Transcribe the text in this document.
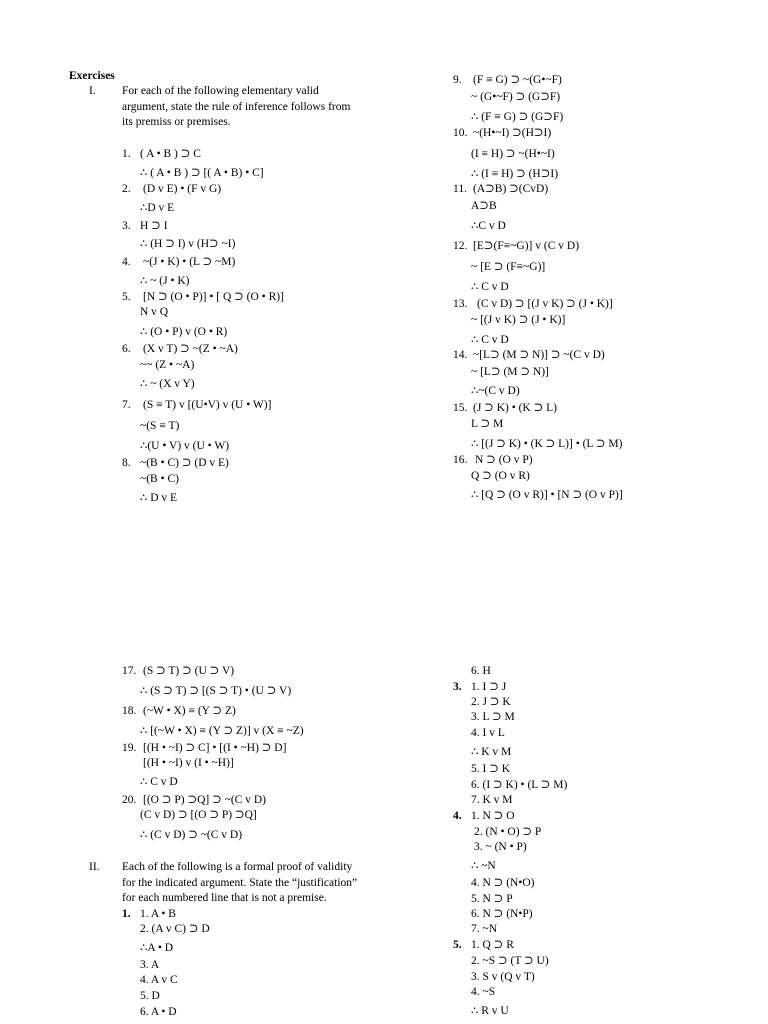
Exercises
I. For each of the following elementary valid argument, state the rule of inference follows from its premiss or premises.
1. ( A • B ) ⊃ C
∴ ( A • B ) ⊃ [( A • B) • C]
2. (D v E) • (F v G)
∴D v E
3. H ⊃ I
∴ (H ⊃ I) v (H⊃ ~I)
4. ~(J • K) • (L ⊃ ~M)
∴ ~ (J • K)
5. [N ⊃ (O • P)] • [ Q ⊃ (O • R)]
N v Q
∴ (O • P) v (O • R)
6. (X v T) ⊃ ~(Z • ~A)
~~ (Z • ~A)
∴ ~ (X v Y)
7. (S ≡ T) v [(U•V) v (U • W)]
~(S ≡ T)
∴(U • V) v (U • W)
8. ~(B • C) ⊃ (D v E)
~(B • C)
∴ D v E
9. (F ≡ G) ⊃ ~(G•~F)
~ (G•~F) ⊃ (G⊃F)
∴ (F ≡ G) ⊃ (G⊃F)
10. ~(H•~I) ⊃(H⊃I)
(I ≡ H) ⊃ ~(H•~I)
∴ (I ≡ H) ⊃ (H⊃I)
11. (A⊃B) ⊃(CvD)
A⊃B
∴C v D
12. [E⊃(F≡~G)] v (C v D)
~ [E ⊃ (F≡~G)]
∴ C v D
13. (C v D) ⊃ [(J v K) ⊃ (J • K)]
~ [(J v K) ⊃ (J • K)]
∴ C v D
14. ~[L⊃ (M ⊃ N)] ⊃ ~(C v D)
~ [L⊃ (M ⊃ N)]
∴~(C v D)
15. (J ⊃ K) • (K ⊃ L)
L ⊃ M
∴ [(J ⊃ K) • (K ⊃ L)] • (L ⊃ M)
16. N ⊃ (O v P)
Q ⊃ (O v R)
∴ [Q ⊃ (O v R)] • [N ⊃ (O v P)]
17. (S ⊃ T) ⊃ (U ⊃ V)
∴ (S ⊃ T) ⊃ [(S ⊃ T) • (U ⊃ V)
18. (~W • X) ≡ (Y ⊃ Z)
∴ [(~W • X) ≡ (Y ⊃ Z)] v (X ≡ ~Z)
19. [(H • ~I) ⊃ C] • [(I • ~H) ⊃ D]
[(H • ~I) v (I • ~H)]
∴ C v D
20. [(O ⊃ P) ⊃Q] ⊃ ~(C v D)
(C v D) ⊃ [(O ⊃ P) ⊃Q]
∴ (C v D) ⊃ ~(C v D)
II. Each of the following is a formal proof of validity for the indicated argument. State the “justification” for each numbered line that is not a premise.
1. 1. A • B
2. (A v C) ⊃ D
∴A • D
3. A
4. A v C
5. D
6. A • D
6. H
3. 1. I ⊃ J
2. J ⊃ K
3. L ⊃ M
4. I v L
∴ K v M
5. I ⊃ K
6. (I ⊃ K) • (L ⊃ M)
7. K v M
4. 1. N ⊃ O
2. (N • O) ⊃ P
3. ~ (N • P)
∴ ~N
4. N ⊃ (N•O)
5. N ⊃ P
6. N ⊃ (N•P)
7. ~N
5. 1. Q ⊃ R
2. ~S ⊃ (T ⊃ U)
3. S v (Q v T)
4. ~S
∴ R v U
